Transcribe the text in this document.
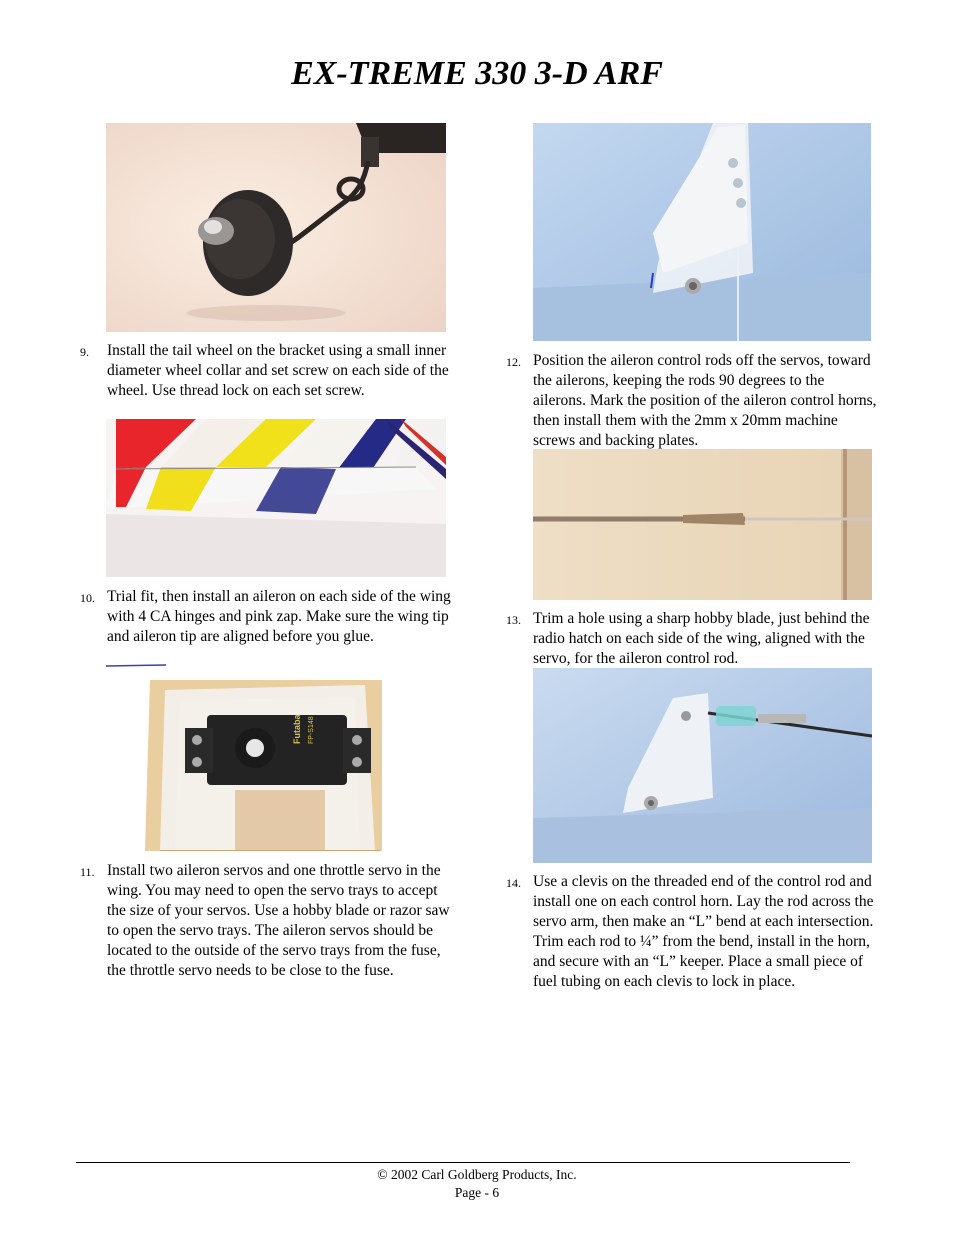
EX-TREME 330 3-D ARF
9. Install the tail wheel on the bracket using a small inner diameter wheel collar and set screw on each side of the wheel. Use thread lock on each set screw.
10. Trial fit, then install an aileron on each side of the wing with 4 CA hinges and pink zap. Make sure the wing tip and aileron tip are aligned before you glue.
Futaba FP-S148
11. Install two aileron servos and one throttle servo in the wing. You may need to open the servo trays to accept the size of your servos. Use a hobby blade or razor saw to open the servo trays. The aileron servos should be located to the outside of the servo trays from the fuse, the throttle servo needs to be close to the fuse.
12. Position the aileron control rods off the servos, toward the ailerons, keeping the rods 90 degrees to the ailerons. Mark the position of the aileron control horns, then install them with the 2mm x 20mm machine screws and backing plates.
13. Trim a hole using a sharp hobby blade, just behind the radio hatch on each side of the wing, aligned with the servo, for the aileron control rod.
14. Use a clevis on the threaded end of the control rod and install one on each control horn. Lay the rod across the servo arm, then make an “L” bend at each intersection. Trim each rod to ¼” from the bend, install in the horn, and secure with an “L” keeper. Place a small piece of fuel tubing on each clevis to lock in place.
© 2002 Carl Goldberg Products, Inc.
Page - 6
